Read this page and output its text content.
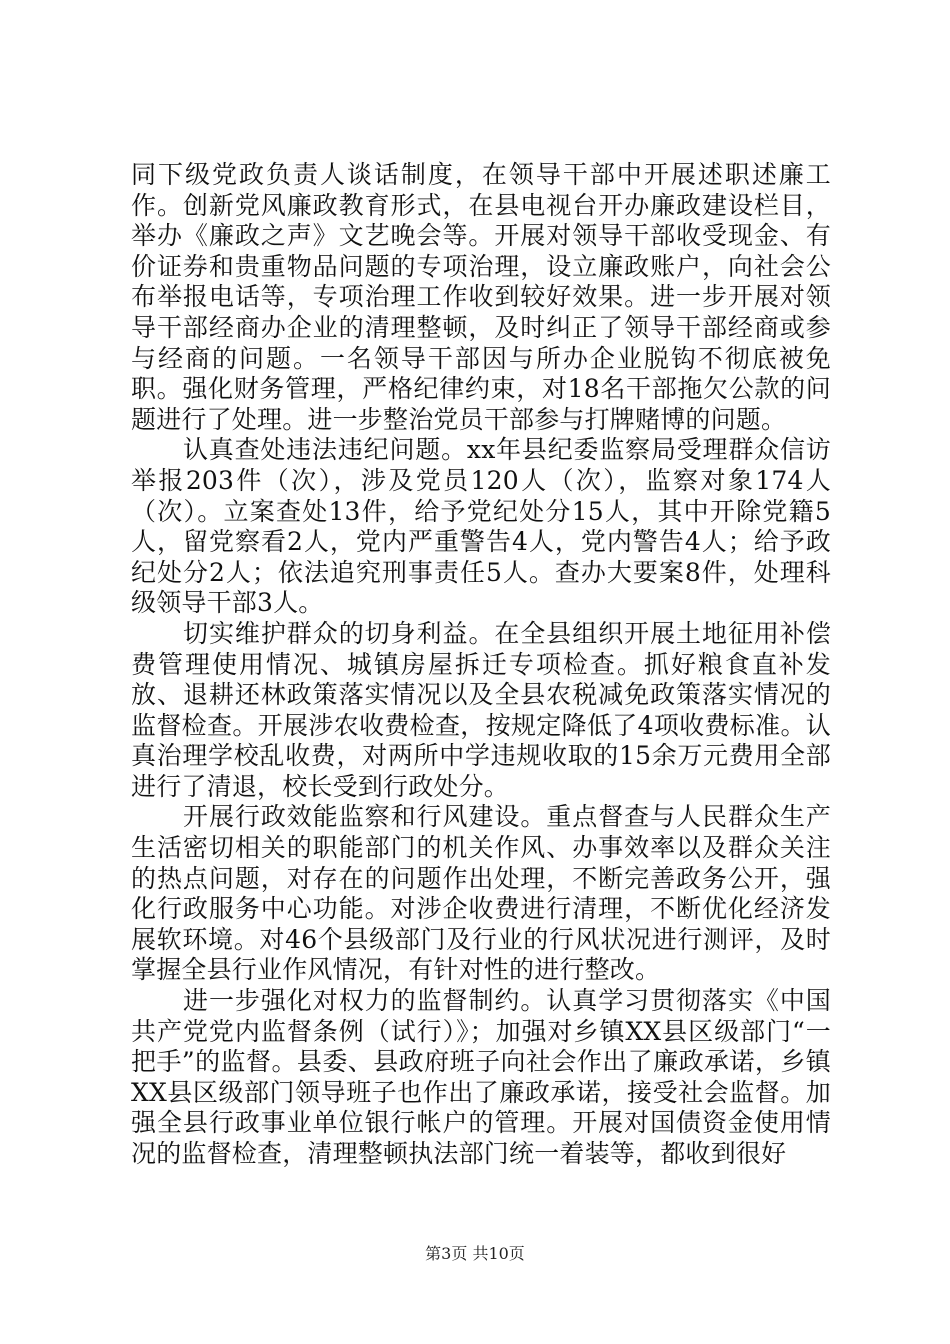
同下级党政负责人谈话制度，在领导干部中开展述职述廉工作。创新党风廉政教育形式，在县电视台开办廉政建设栏目，举办《廉政之声》文艺晚会等。开展对领导干部收受现金、有价证券和贵重物品问题的专项治理，设立廉政账户，向社会公布举报电话等，专项治理工作收到较好效果。进一步开展对领导干部经商办企业的清理整顿，及时纠正了领导干部经商或参与经商的问题。一名领导干部因与所办企业脱钩不彻底被免职。强化财务管理，严格纪律约束，对18名干部拖欠公款的问题进行了处理。进一步整治党员干部参与打牌赌博的问题。

认真查处违法违纪问题。xx年县纪委监察局受理群众信访举报203件（次），涉及党员120人（次），监察对象174人（次）。立案查处13件，给予党纪处分15人，其中开除党籍5人，留党察看2人，党内严重警告4人，党内警告4人；给予政纪处分2人；依法追究刑事责任5人。查办大要案8件，处理科级领导干部3人。

切实维护群众的切身利益。在全县组织开展土地征用补偿费管理使用情况、城镇房屋拆迁专项检查。抓好粮食直补发放、退耕还林政策落实情况以及全县农税减免政策落实情况的监督检查。开展涉农收费检查，按规定降低了4项收费标准。认真治理学校乱收费，对两所中学违规收取的15余万元费用全部进行了清退，校长受到行政处分。

开展行政效能监察和行风建设。重点督查与人民群众生产生活密切相关的职能部门的机关作风、办事效率以及群众关注的热点问题，对存在的问题作出处理，不断完善政务公开，强化行政服务中心功能。对涉企收费进行清理，不断优化经济发展软环境。对46个县级部门及行业的行风状况进行测评，及时掌握全县行业作风情况，有针对性的进行整改。

进一步强化对权力的监督制约。认真学习贯彻落实《中国共产党党内监督条例（试行）》；加强对乡镇XX县区级部门“一把手”的监督。县委、县政府班子向社会作出了廉政承诺，乡镇XX县区级部门领导班子也作出了廉政承诺，接受社会监督。加强全县行政事业单位银行帐户的管理。开展对国债资金使用情况的监督检查，清理整顿执法部门统一着装等，都收到很好

第3页 共10页
